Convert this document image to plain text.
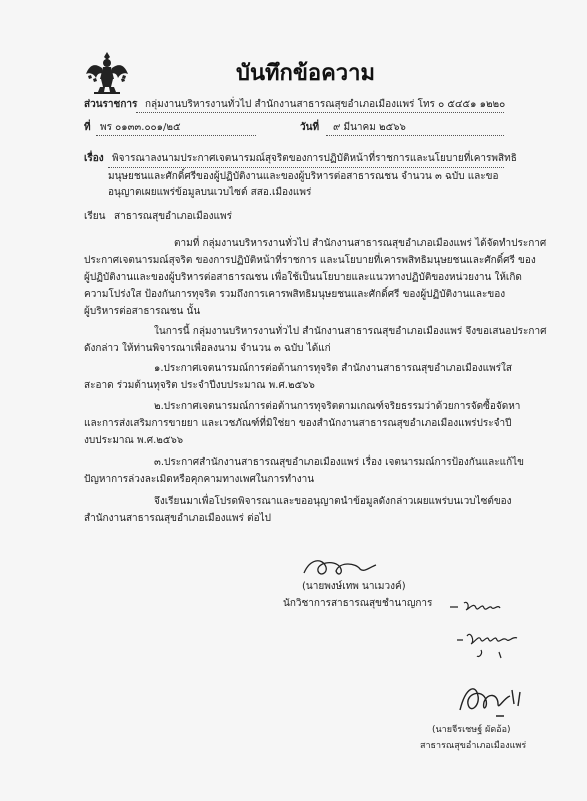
บันทึกข้อความ
ส่วนราชการ กลุ่มงานบริหารงานทั่วไป สำนักงานสาธารณสุขอำเภอเมืองแพร่ โทร ๐ ๕๔๕๑ ๑๒๒๐
ที่ พร ๐๑๓๓.๐๐๑/๒๕	วันที่ ๙ มีนาคม ๒๕๖๖
เรื่อง พิจารณาลงนามประกาศเจตนารมณ์สุจริตของการปฏิบัติหน้าที่ราชการและนโยบายที่เคารพสิทธิ
มนุษยชนและศักดิ์ศรีของผู้ปฏิบัติงานและของผู้บริหารต่อสาธารณชน จำนวน ๓ ฉบับ และขอ
อนุญาตเผยแพร่ข้อมูลบนเวบไซต์ สสอ.เมืองแพร่
เรียน สาธารณสุขอำเภอเมืองแพร่
ตามที่ กลุ่มงานบริหารงานทั่วไป สำนักงานสาธารณสุขอำเภอเมืองแพร่ ได้จัดทำประกาศ
ประกาศเจตนารมณ์สุจริต ของการปฏิบัติหน้าที่ราชการ และนโยบายที่เคารพสิทธิมนุษยชนและศักดิ์ศรี ของ
ผู้ปฏิบัติงานและของผู้บริหารต่อสาธารณชน เพื่อใช้เป็นนโยบายและแนวทางปฏิบัติของหน่วยงาน ให้เกิด
ความโปร่งใส ป้องกันการทุจริต รวมถึงการเคารพสิทธิมนุษยชนและศักดิ์ศรี ของผู้ปฏิบัติงานและของ
ผู้บริหารต่อสาธารณชน นั้น
ในการนี้ กลุ่มงานบริหารงานทั่วไป สำนักงานสาธารณสุขอำเภอเมืองแพร่ จึงขอเสนอประกาศ
ดังกล่าว ให้ท่านพิจารณาเพื่อลงนาม จำนวน ๓ ฉบับ ได้แก่
๑.ประกาศเจตนารมณ์การต่อต้านการทุจริต สำนักงานสาธารณสุขอำเภอเมืองแพร่ใส
สะอาด ร่วมต้านทุจริต ประจำปีงบประมาณ พ.ศ.๒๕๖๖
๒.ประกาศเจตนารมณ์การต่อต้านการทุจริตตามเกณฑ์จริยธรรมว่าด้วยการจัดซื้อจัดหา
และการส่งเสริมการขายยา และเวชภัณฑ์ที่มิใช่ยา ของสำนักงานสาธารณสุขอำเภอเมืองแพร่ประจำปี
งบประมาณ พ.ศ.๒๕๖๖
๓.ประกาศสำนักงานสาธารณสุขอำเภอเมืองแพร่ เรื่อง เจตนารมณ์การป้องกันและแก้ไข
ปัญหาการล่วงละเมิดหรือคุกคามทางเพศในการทำงาน
จึงเรียนมาเพื่อโปรดพิจารณาและขออนุญาตนำข้อมูลดังกล่าวเผยแพร่บนเวบไซต์ของ
สำนักงานสาธารณสุขอำเภอเมืองแพร่ ต่อไป
(นายพงษ์เทพ นาเมวงค์)
นักวิชาการสาธารณสุขชำนาญการ
(นายจีรเชษฐ์ ผัดอ้อ)
สาธารณสุขอำเภอเมืองแพร่
